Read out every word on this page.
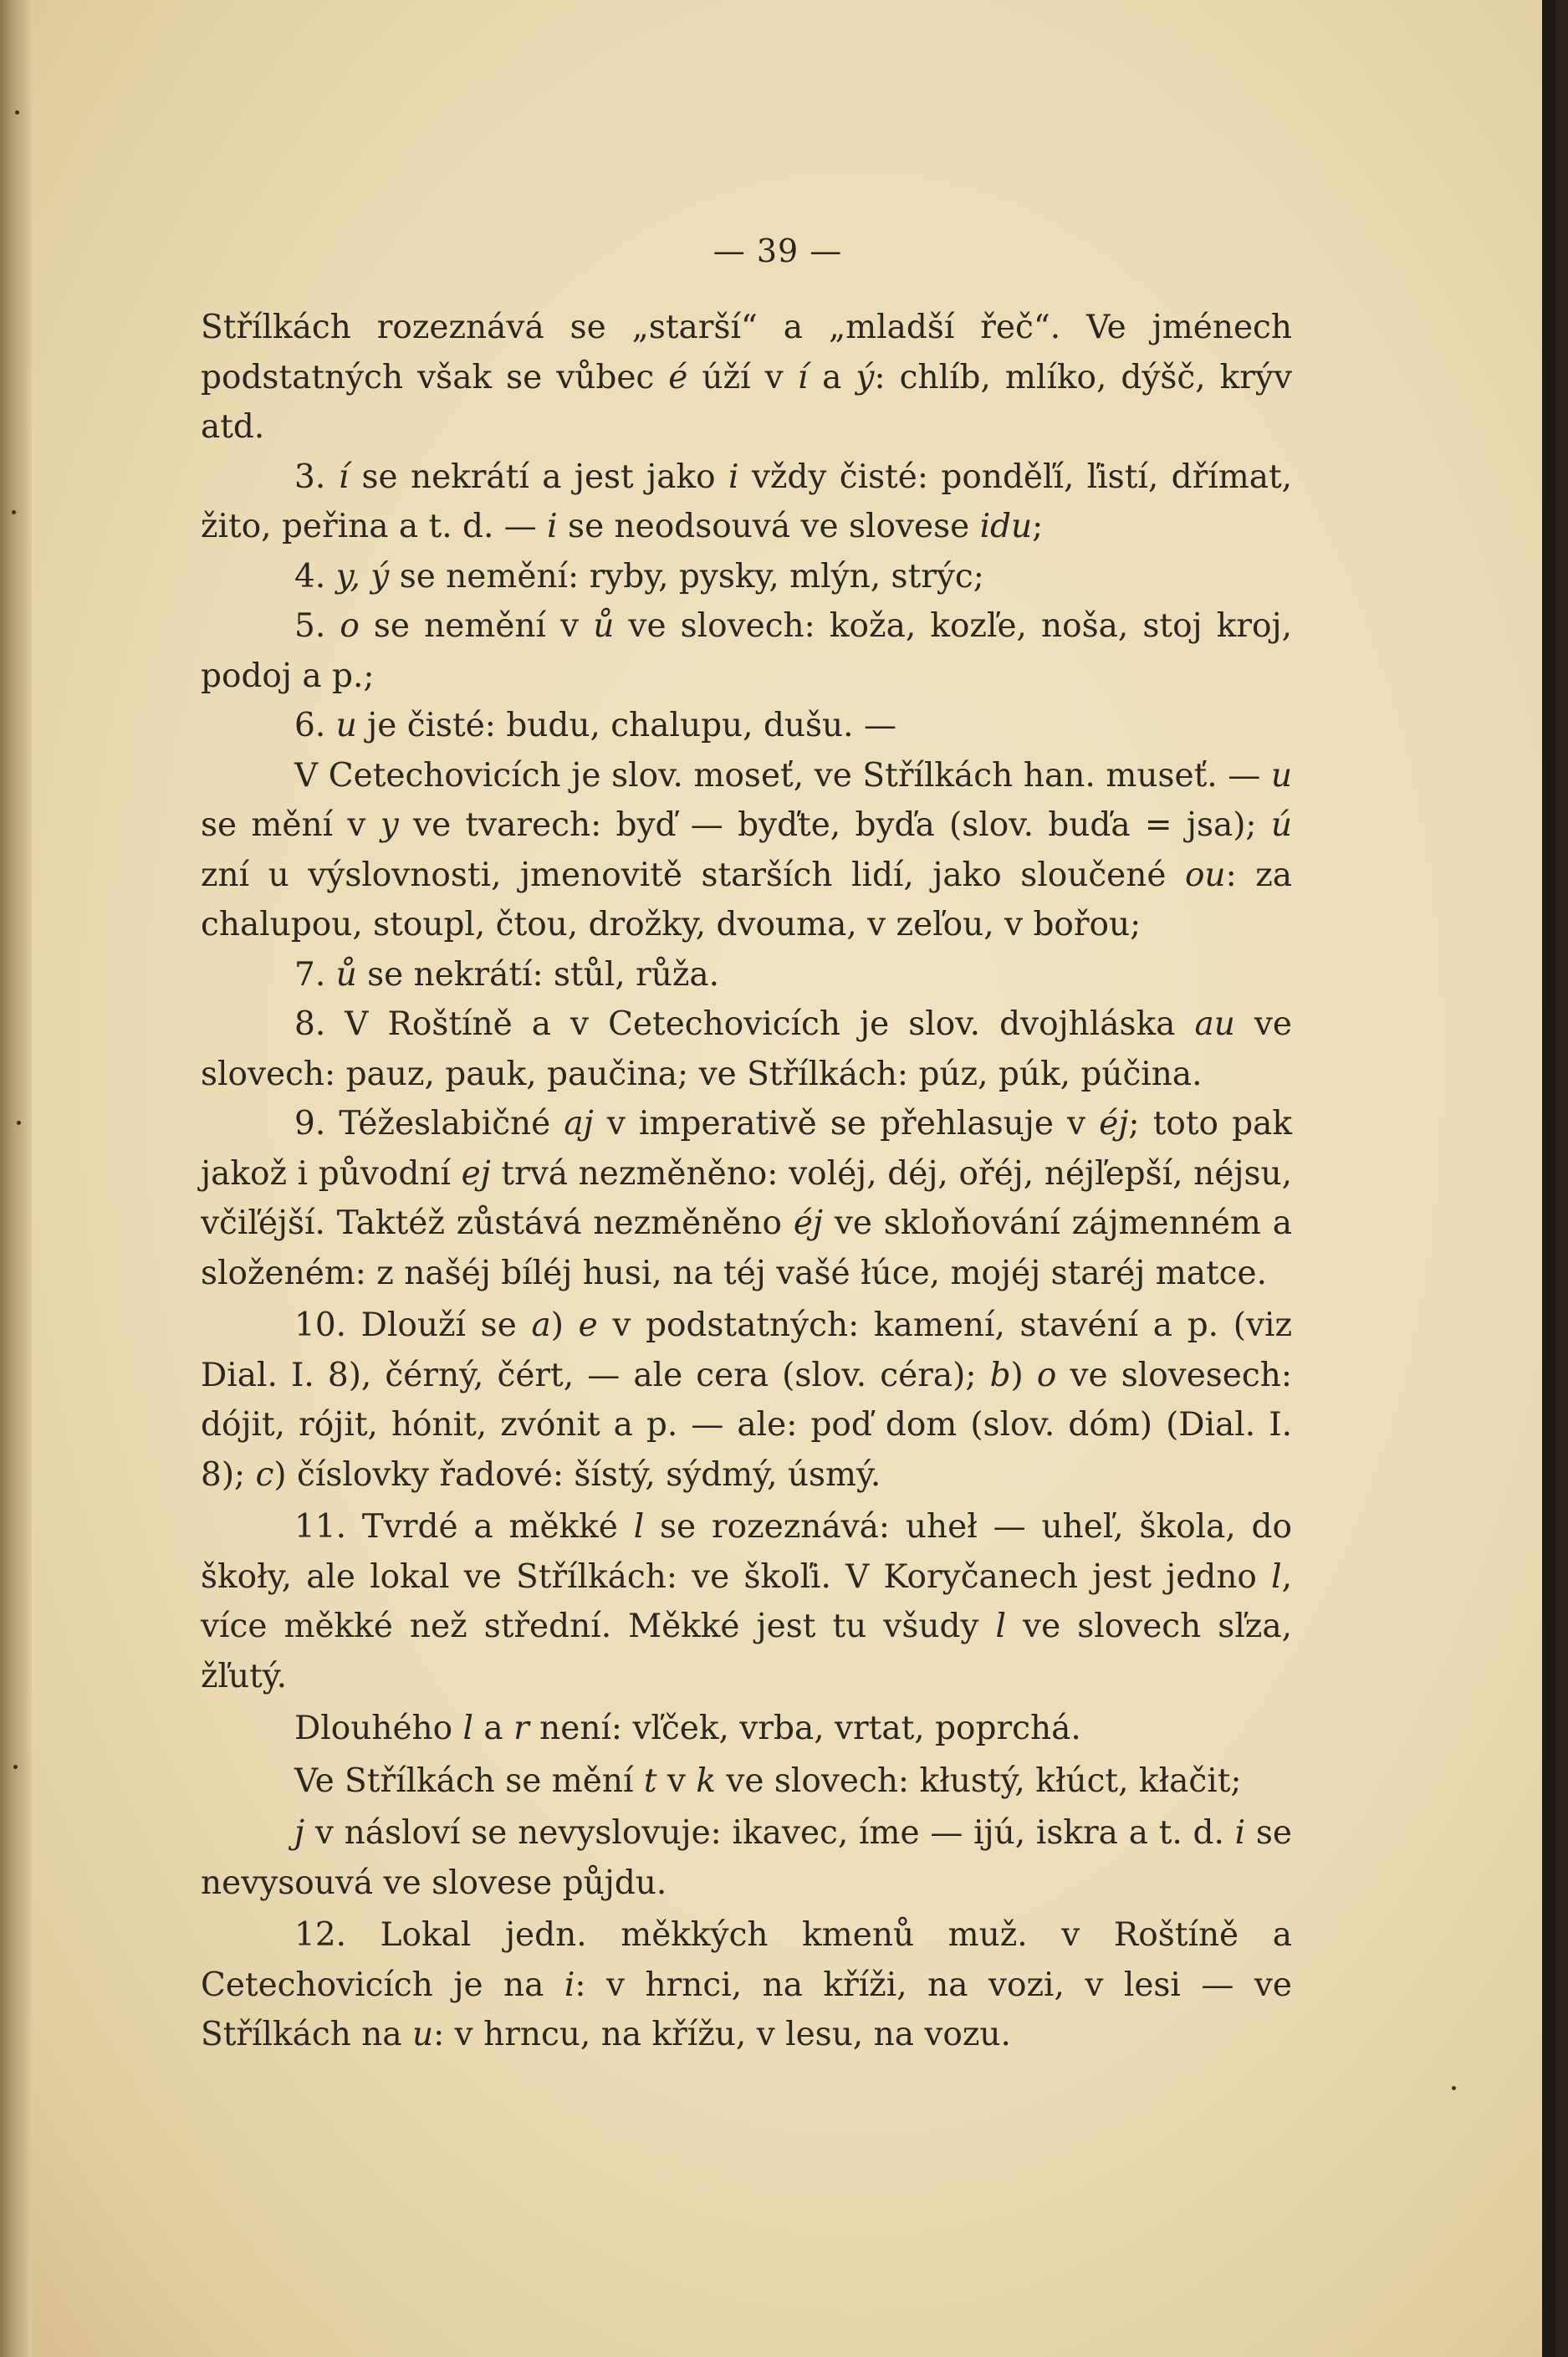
— 39 —

Střílkách rozeznává se „starší“ a „mladší řeč“. Ve jménech podstatných však se vůbec é úží v í a ý: chlíb, mlíko, dýšč, krýv atd.

3. í se nekrátí a jest jako i vždy čisté: ponděľí, ľistí, dřímat, žito, peřina a t. d. — i se neodsouvá ve slovese idu;

4. y, ý se nemění: ryby, pysky, mlýn, strýc;

5. o se nemění v ů ve slovech: koža, kozľe, noša, stoj kroj, podoj a p.;

6. u je čisté: budu, chalupu, dušu. —

V Cetechovicích je slov. moseť, ve Střílkách han. museť. — u se mění v y ve tvarech: byď — byďte, byďa (slov. buďa = jsa); ú zní u výslovnosti, jmenovitě starších lidí, jako sloučené ou: za chalupou, stoupl, čtou, drožky, dvouma, v zeľou, v bořou;

7. ů se nekrátí: stůl, růža.

8. V Roštíně a v Cetechovicích je slov. dvojhláska au ve slovech: pauz, pauk, paučina; ve Střílkách: púz, púk, púčina.

9. Téžeslabičné aj v imperativě se přehlasuje v éj; toto pak jakož i původní ej trvá nezměněno: voléj, déj, ořéj, néjľepší, néjsu, včiľéjší. Taktéž zůstává nezměněno éj ve skloňování zájmenném a složeném: z našéj bíléj husi, na téj vašé łúce, mojéj staréj matce.

10. Dlouží se a) e v podstatných: kamení, stavéní a p. (viz Dial. I. 8), čérný, čért, — ale cera (slov. céra); b) o ve slovesech: dójit, rójit, hónit, zvónit a p. — ale: poď dom (slov. dóm) (Dial. I. 8); c) číslovky řadové: šístý, sýdmý, úsmý.

11. Tvrdé a měkké l se rozeznává: uheł — uheľ, škola, do škoły, ale lokal ve Střílkách: ve škoľi. V Koryčanech jest jedno l, více měkké než střední. Měkké jest tu všudy l ve slovech sľza, žľutý.

Dlouhého l a r není: vľček, vrba, vrtat, poprchá.

Ve Střílkách se mění t v k ve slovech: kłustý, kłúct, kłačit;

j v násloví se nevyslovuje: ikavec, íme — ijú, iskra a t. d. i se nevysouvá ve slovese půjdu.

12. Lokal jedn. měkkých kmenů muž. v Roštíně a Cetechovicích je na i: v hrnci, na kříži, na vozi, v lesi — ve Střílkách na u: v hrncu, na křížu, v lesu, na vozu.
